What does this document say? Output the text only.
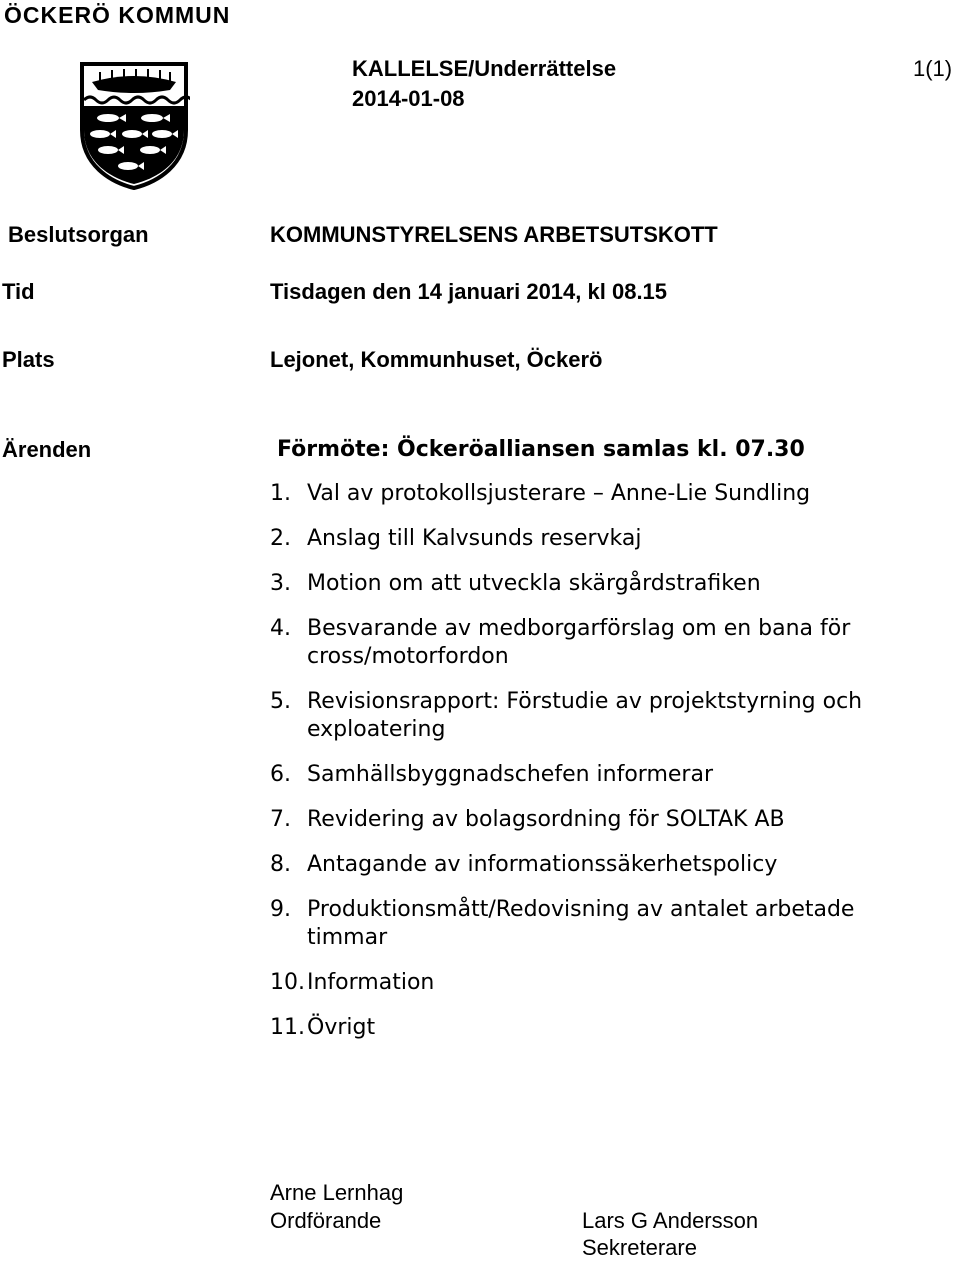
ÖCKERÖ KOMMUN
KALLELSE/Underrättelse
2014-01-08
1(1)
Beslutsorgan	KOMMUNSTYRELSENS ARBETSUTSKOTT
Tid	Tisdagen den 14 januari 2014, kl 08.15
Plats	Lejonet, Kommunhuset, Öckerö
Ärenden	Förmöte: Öckeröalliansen samlas kl. 07.30
1. Val av protokollsjusterare – Anne-Lie Sundling
2. Anslag till Kalvsunds reservkaj
3. Motion om att utveckla skärgårdstrafiken
4. Besvarande av medborgarförslag om en bana för cross/motorfordon
5. Revisionsrapport: Förstudie av projektstyrning och exploatering
6. Samhällsbyggnadschefen informerar
7. Revidering av bolagsordning för SOLTAK AB
8. Antagande av informationssäkerhetspolicy
9. Produktionsmått/Redovisning av antalet arbetade timmar
10. Information
11. Övrigt
Arne Lernhag
Ordförande	Lars G Andersson
Sekreterare
